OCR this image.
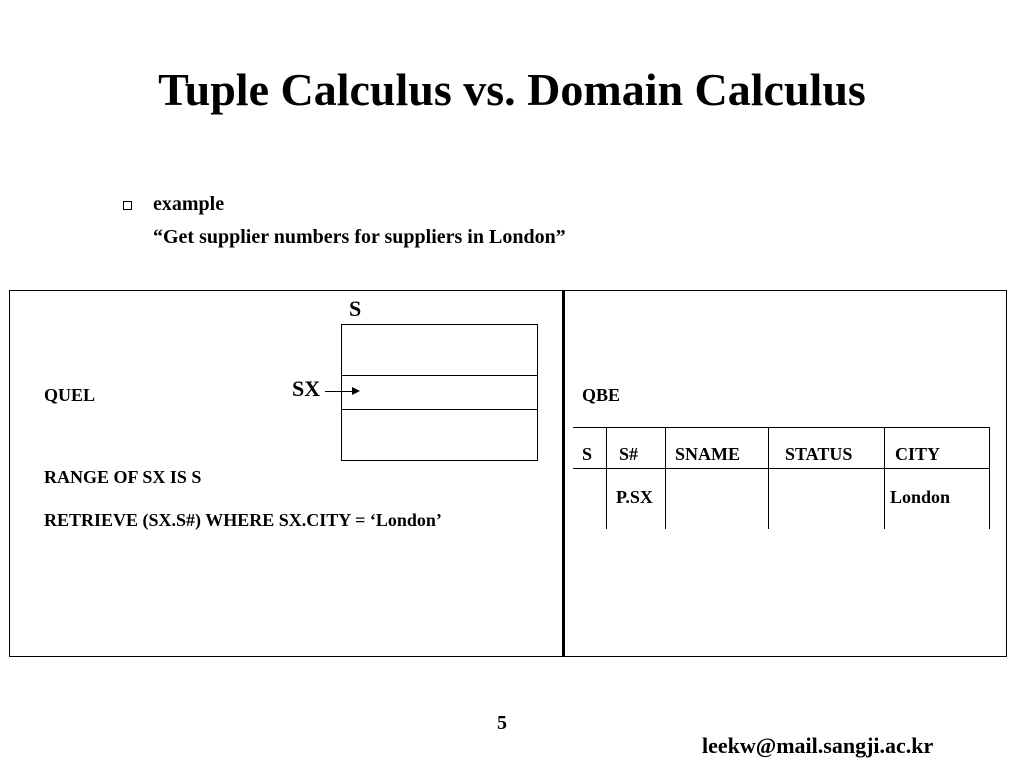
Tuple Calculus vs. Domain Calculus
example
“Get supplier numbers for suppliers in London”
S
SX
QUEL
RANGE OF SX IS S
RETRIEVE (SX.S#) WHERE SX.CITY = ‘London’
QBE
S S# SNAME STATUS CITY
P.SX	London
5
leekw@mail.sangji.ac.kr
